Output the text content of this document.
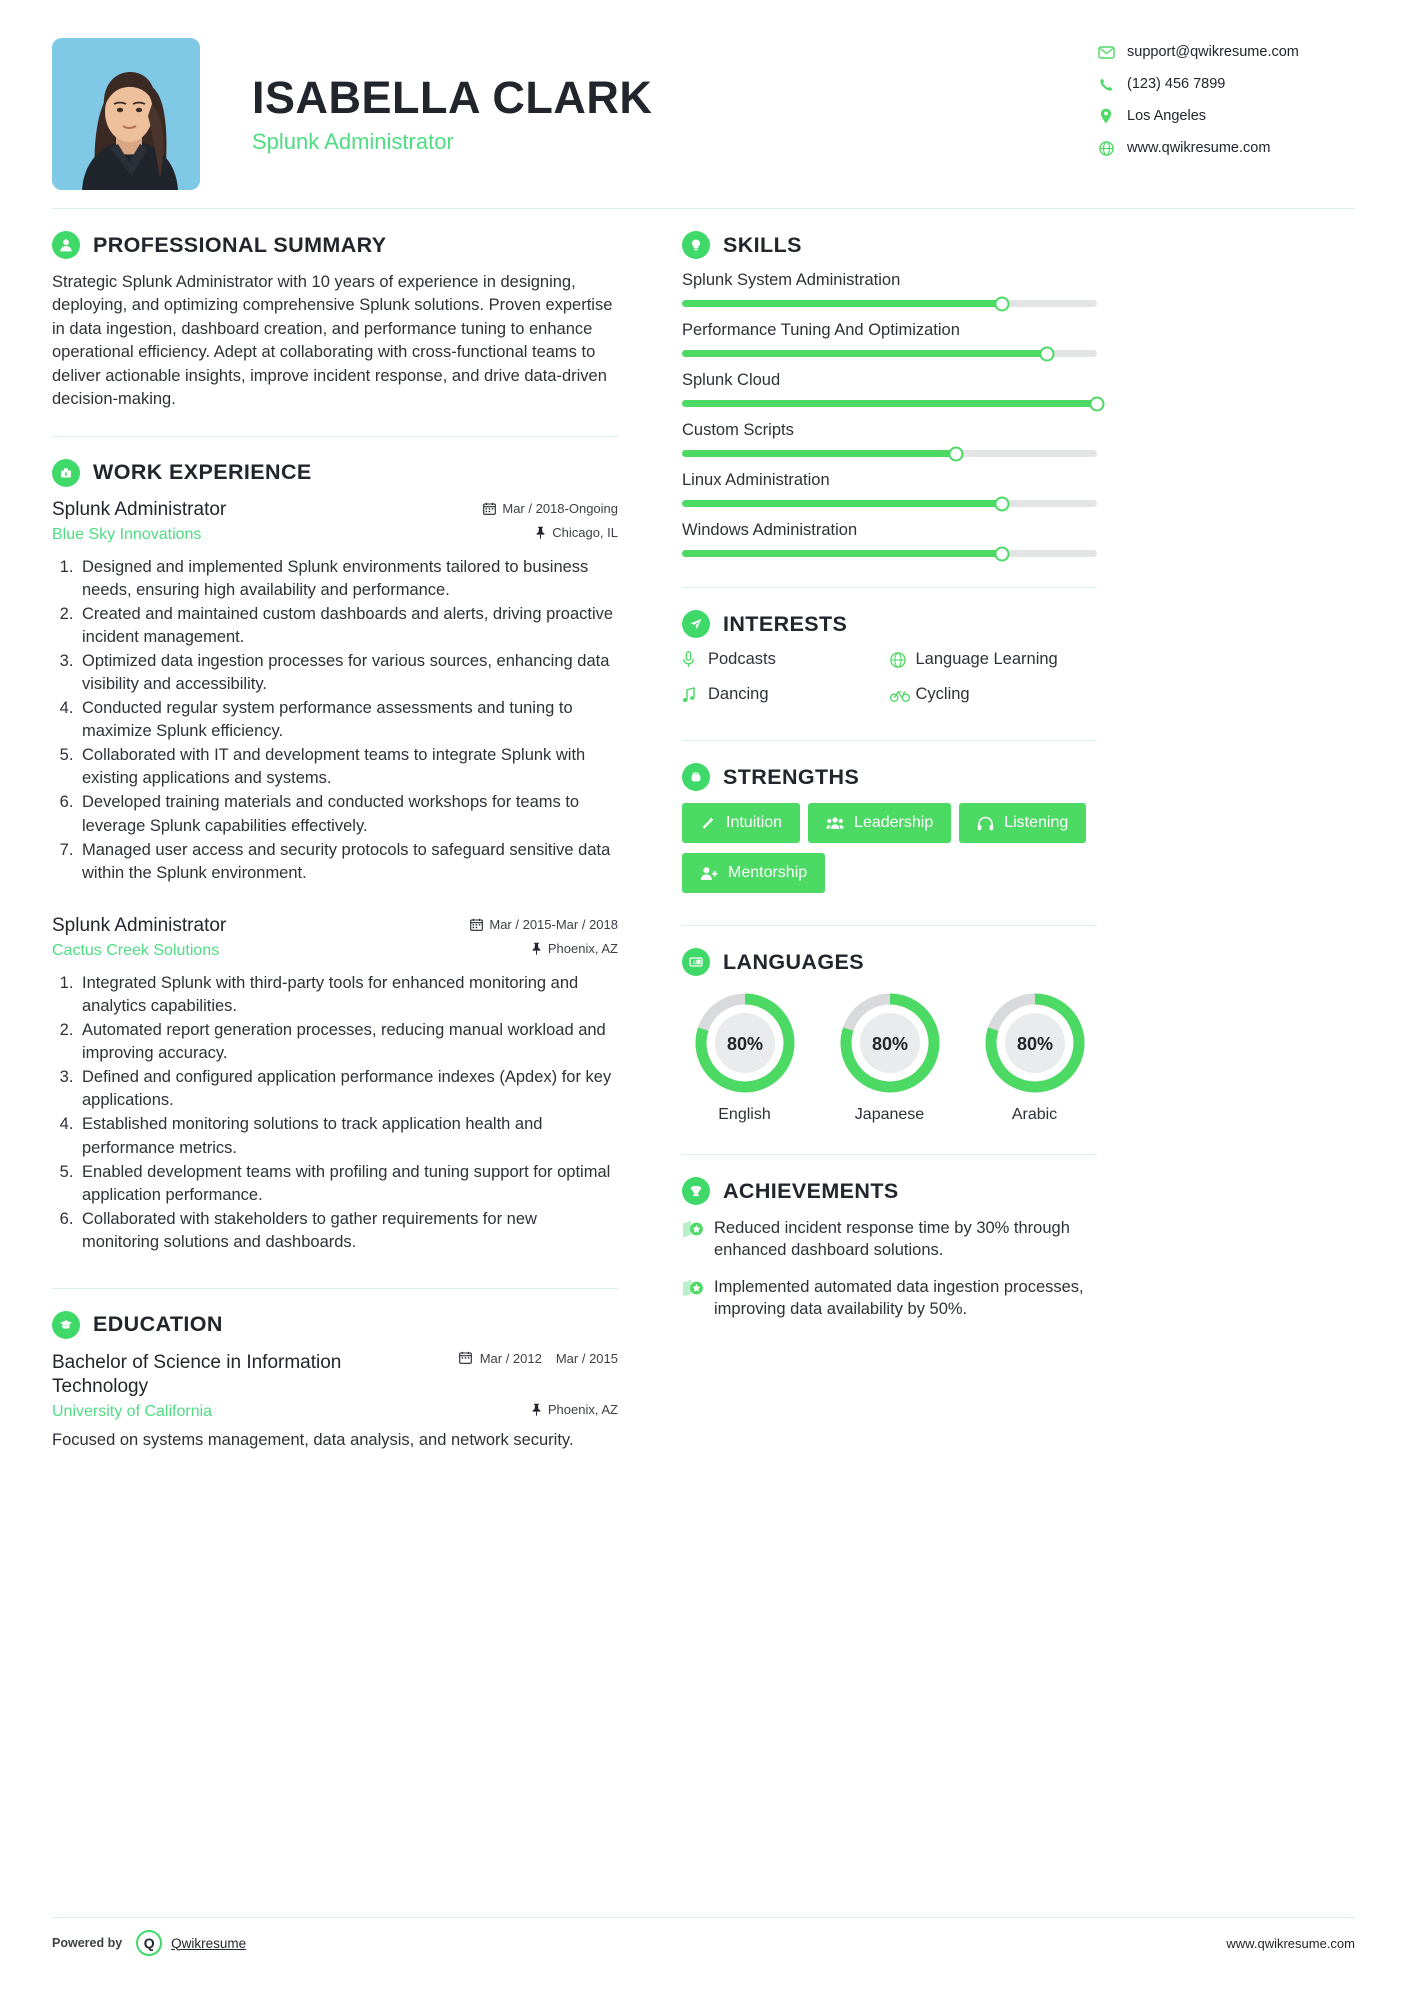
ISABELLA CLARK
Splunk Administrator
support@qwikresume.com
(123) 456 7899
Los Angeles
www.qwikresume.com
PROFESSIONAL SUMMARY
Strategic Splunk Administrator with 10 years of experience in designing, deploying, and optimizing comprehensive Splunk solutions. Proven expertise in data ingestion, dashboard creation, and performance tuning to enhance operational efficiency. Adept at collaborating with cross-functional teams to deliver actionable insights, improve incident response, and drive data-driven decision-making.
WORK EXPERIENCE
Splunk Administrator	Mar / 2018-Ongoing
Blue Sky Innovations	Chicago, IL
1. Designed and implemented Splunk environments tailored to business needs, ensuring high availability and performance.
2. Created and maintained custom dashboards and alerts, driving proactive incident management.
3. Optimized data ingestion processes for various sources, enhancing data visibility and accessibility.
4. Conducted regular system performance assessments and tuning to maximize Splunk efficiency.
5. Collaborated with IT and development teams to integrate Splunk with existing applications and systems.
6. Developed training materials and conducted workshops for teams to leverage Splunk capabilities effectively.
7. Managed user access and security protocols to safeguard sensitive data within the Splunk environment.
Splunk Administrator	Mar / 2015-Mar / 2018
Cactus Creek Solutions	Phoenix, AZ
1. Integrated Splunk with third-party tools for enhanced monitoring and analytics capabilities.
2. Automated report generation processes, reducing manual workload and improving accuracy.
3. Defined and configured application performance indexes (Apdex) for key applications.
4. Established monitoring solutions to track application health and performance metrics.
5. Enabled development teams with profiling and tuning support for optimal application performance.
6. Collaborated with stakeholders to gather requirements for new monitoring solutions and dashboards.
EDUCATION
Bachelor of Science in Information Technology
Mar / 2012 Mar / 2015
University of California	Phoenix, AZ
Focused on systems management, data analysis, and network security.
SKILLS
Splunk System Administration
Performance Tuning And Optimization
Splunk Cloud
Custom Scripts
Linux Administration
Windows Administration
INTERESTS
Podcasts	Language Learning
Dancing	Cycling
STRENGTHS
Intuition	Leadership	Listening
Mentorship
A	LANGUAGES
80%
English
80%
Japanese
80%
Arabic
ACHIEVEMENTS
Reduced incident response time by 30% through enhanced dashboard solutions.
Implemented automated data ingestion processes, improving data availability by 50%.
Powered by Q Qwikresume	www.qwikresume.com
